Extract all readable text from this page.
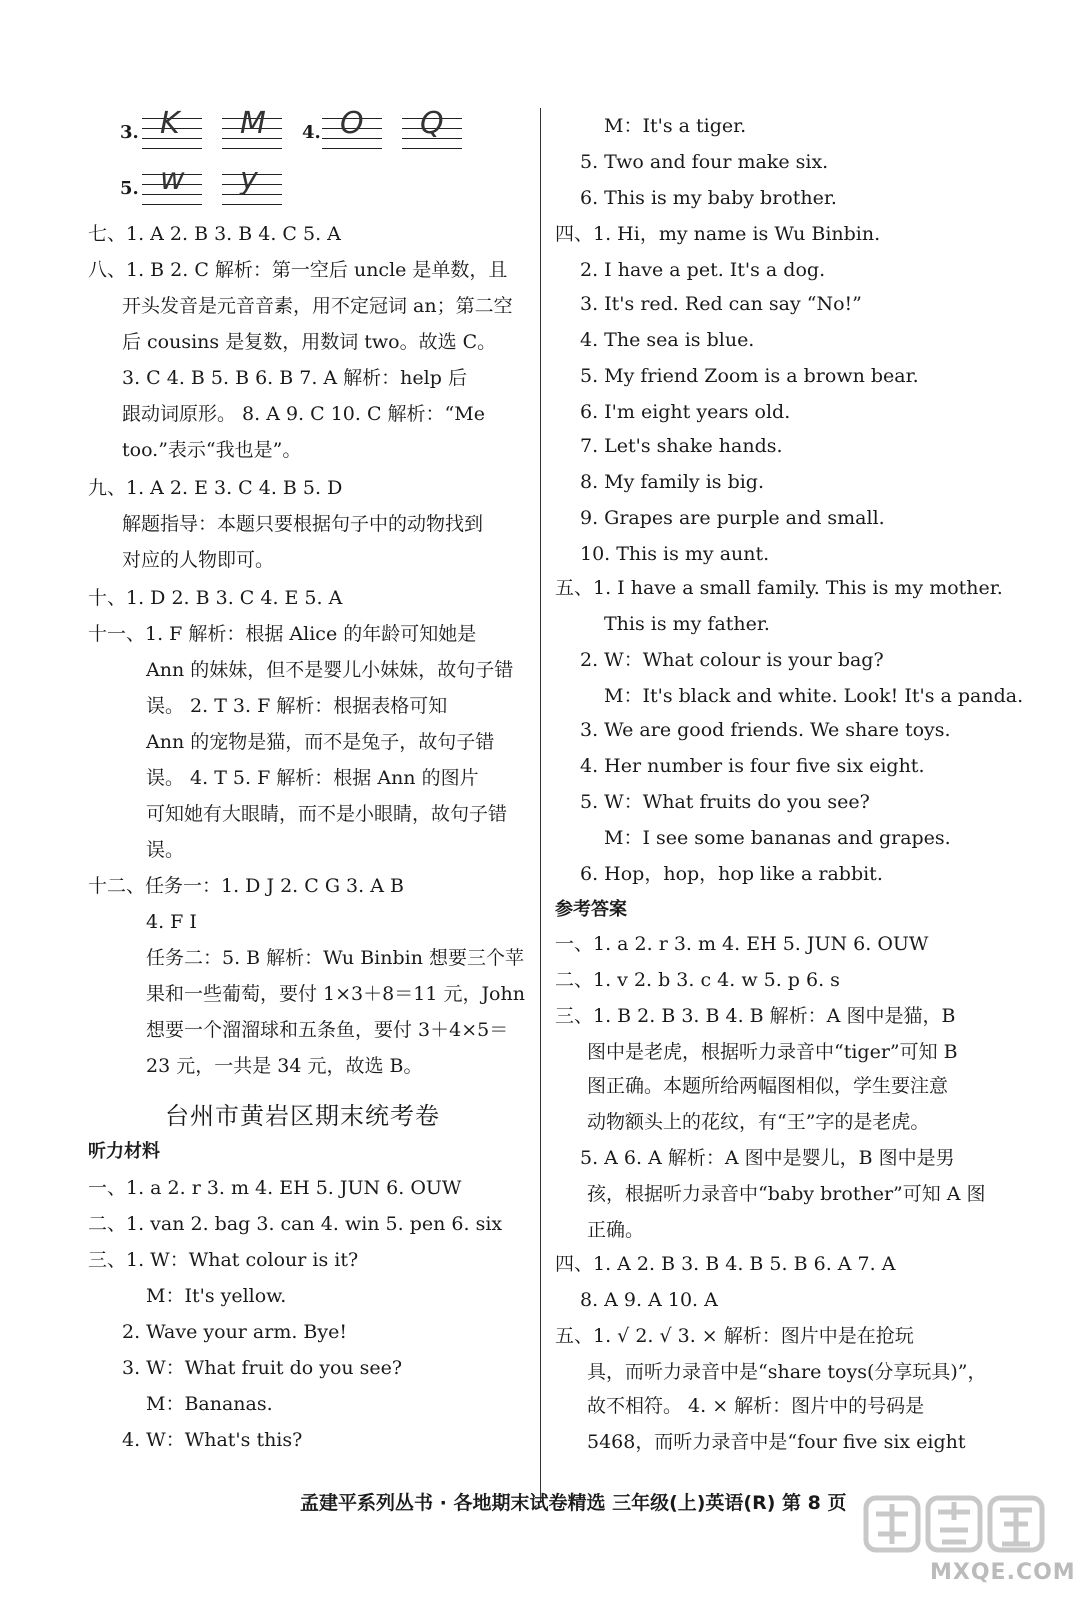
3. K M 4. O Q
5. w y
七、1. A 2. B 3. B 4. C 5. A
八、1. B 2. C 解析：第一空后 uncle 是单数，且
开头发音是元音音素，用不定冠词 an；第二空
后 cousins 是复数，用数词 two。故选 C。
3. C 4. B 5. B 6. B 7. A 解析：help 后
跟动词原形。 8. A 9. C 10. C 解析：“Me
too.”表示“我也是”。
九、1. A 2. E 3. C 4. B 5. D
解题指导：本题只要根据句子中的动物找到
对应的人物即可。
十、1. D 2. B 3. C 4. E 5. A
十一、1. F 解析：根据 Alice 的年龄可知她是
Ann 的妹妹，但不是婴儿小妹妹，故句子错
误。 2. T 3. F 解析：根据表格可知
Ann 的宠物是猫，而不是兔子，故句子错
误。 4. T 5. F 解析：根据 Ann 的图片
可知她有大眼睛，而不是小眼睛，故句子错
误。
十二、任务一：1. D J 2. C G 3. A B
4. F I
任务二：5. B 解析：Wu Binbin 想要三个苹
果和一些葡萄，要付 1×3＋8＝11 元，John
想要一个溜溜球和五条鱼，要付 3＋4×5＝
23 元，一共是 34 元，故选 B。
台州市黄岩区期末统考卷
听力材料
一、1. a 2. r 3. m 4. EH 5. JUN 6. OUW
二、1. van 2. bag 3. can 4. win 5. pen 6. six
三、1. W：What colour is it?
M：It's yellow.
2. Wave your arm. Bye!
3. W：What fruit do you see?
M：Bananas.
4. W：What's this?
M：It's a tiger.
5. Two and four make six.
6. This is my baby brother.
四、1. Hi，my name is Wu Binbin.
2. I have a pet. It's a dog.
3. It's red. Red can say “No!”
4. The sea is blue.
5. My friend Zoom is a brown bear.
6. I'm eight years old.
7. Let's shake hands.
8. My family is big.
9. Grapes are purple and small.
10. This is my aunt.
五、1. I have a small family. This is my mother.
This is my father.
2. W：What colour is your bag?
M：It's black and white. Look! It's a panda.
3. We are good friends. We share toys.
4. Her number is four five six eight.
5. W：What fruits do you see?
M：I see some bananas and grapes.
6. Hop，hop，hop like a rabbit.
参考答案
一、1. a 2. r 3. m 4. EH 5. JUN 6. OUW
二、1. v 2. b 3. c 4. w 5. p 6. s
三、1. B 2. B 3. B 4. B 解析：A 图中是猫，B
图中是老虎，根据听力录音中“tiger”可知 B
图正确。本题所给两幅图相似，学生要注意
动物额头上的花纹，有“王”字的是老虎。
5. A 6. A 解析：A 图中是婴儿，B 图中是男
孩，根据听力录音中“baby brother”可知 A 图
正确。
四、1. A 2. B 3. B 4. B 5. B 6. A 7. A
8. A 9. A 10. A
五、1. √ 2. √ 3. × 解析：图片中是在抢玩
具，而听力录音中是“share toys(分享玩具)”，
故不相符。 4. × 解析：图片中的号码是
5468，而听力录音中是“four five six eight
孟建平系列丛书 · 各地期末试卷精选 三年级(上)英语(R) 第 8 页
MXQE.COM
